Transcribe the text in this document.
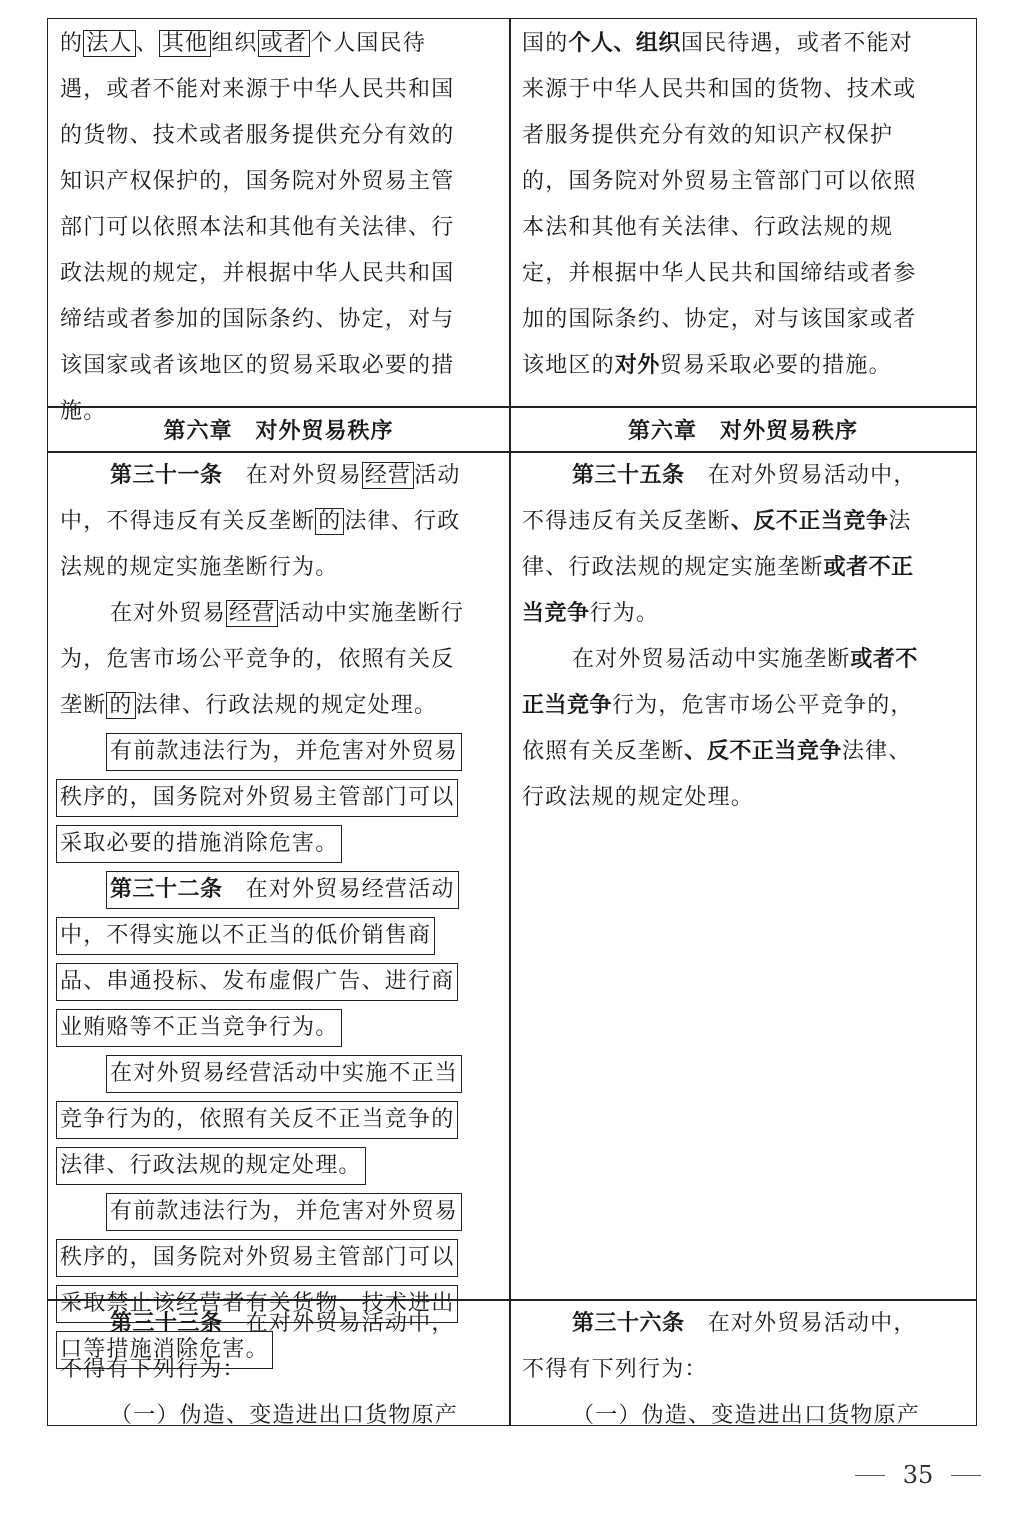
的 法人 、 其他 组织 或者 个人国民待
遇，或者不能对来源于中华人民共和国
的货物、技术或者服务提供充分有效的
知识产权保护的，国务院对外贸易主管
部门可以依照本法和其他有关法律、行
政法规的规定，并根据中华人民共和国
缔结或者参加的国际条约、协定，对与
该国家或者该地区的贸易采取必要的措
施。
国的个人、组织国民待遇，或者不能对
来源于中华人民共和国的货物、技术或
者服务提供充分有效的知识产权保护
的，国务院对外贸易主管部门可以依照
本法和其他有关法律、行政法规的规
定，并根据中华人民共和国缔结或者参
加的国际条约、协定，对与该国家或者
该地区的对外贸易采取必要的措施。
第六章　对外贸易秩序	第六章　对外贸易秩序
第三十一条　在对外贸易 经营 活动
中，不得违反有关反垄断 的 法律、行政
法规的规定实施垄断行为。
在对外贸易 经营 活动中实施垄断行
为，危害市场公平竞争的，依照有关反
垄断 的 法律、行政法规的规定处理。
有前款违法行为，并危害对外贸易
秩序的，国务院对外贸易主管部门可以
采取必要的措施消除危害。
第三十二条　在对外贸易经营活动
中，不得实施以不正当的低价销售商
品、串通投标、发布虚假广告、进行商
业贿赂等不正当竞争行为。
在对外贸易经营活动中实施不正当
竞争行为的，依照有关反不正当竞争的
法律、行政法规的规定处理。
有前款违法行为，并危害对外贸易
秩序的，国务院对外贸易主管部门可以
采取禁止该经营者有关货物、技术进出
口等措施消除危害。
第三十五条　在对外贸易活动中，
不得违反有关反垄断、反不正当竞争法
律、行政法规的规定实施垄断或者不正
当竞争行为。
在对外贸易活动中实施垄断或者不
正当竞争行为，危害市场公平竞争的，
依照有关反垄断、反不正当竞争法律、
行政法规的规定处理。
第三十三条　在对外贸易活动中，
不得有下列行为：
（一）伪造、变造进出口货物原产
第三十六条　在对外贸易活动中，
不得有下列行为：
（一）伪造、变造进出口货物原产
35
